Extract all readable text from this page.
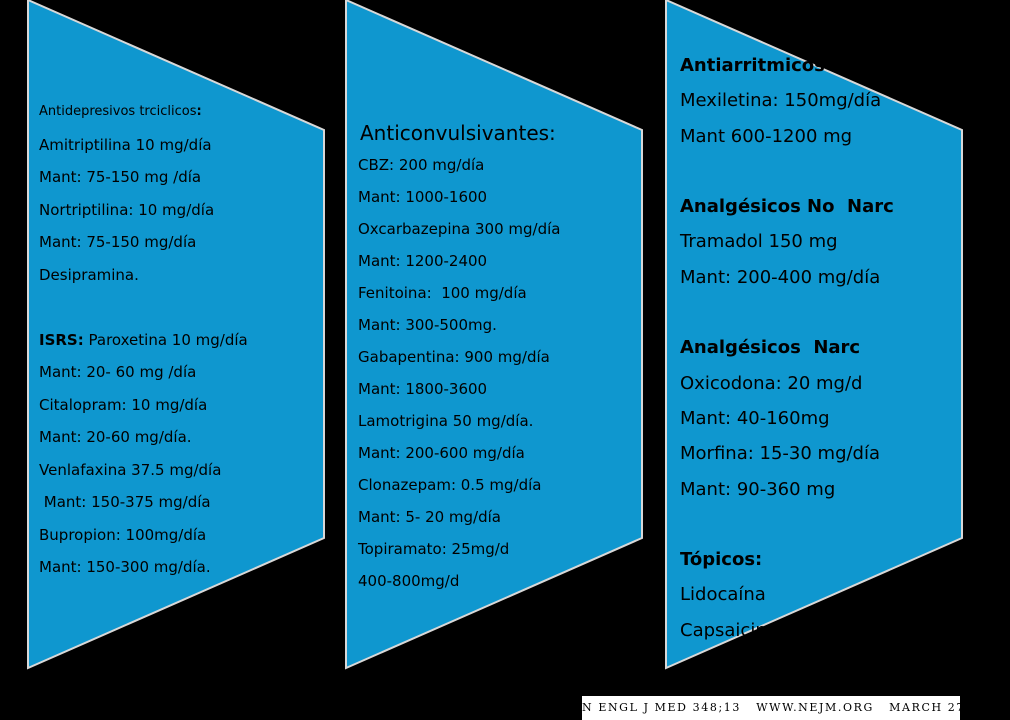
Antidepresivos trciclicos:
Amitriptilina 10 mg/día
Mant: 75-150 mg /día
Nortriptilina: 10 mg/día
Mant: 75-150 mg/día
Desipramina.
ISRS: Paroxetina 10 mg/día
Mant: 20- 60 mg /día
Citalopram: 10 mg/día
Mant: 20-60 mg/día.
Venlafaxina 37.5 mg/día
Mant: 150-375 mg/día
Bupropion: 100mg/día
Mant: 150-300 mg/día.
Anticonvulsivantes:
CBZ: 200 mg/día
Mant: 1000-1600
Oxcarbazepina 300 mg/día
Mant: 1200-2400
Fenitoina:  100 mg/día
Mant: 300-500mg.
Gabapentina: 900 mg/día
Mant: 1800-3600
Lamotrigina 50 mg/día.
Mant: 200-600 mg/día
Clonazepam: 0.5 mg/día
Mant: 5- 20 mg/día
Topiramato: 25mg/d
400-800mg/d
Antiarritmicos
Mexiletina: 150mg/día
Mant 600-1200 mg
Analgésicos No  Narc
Tramadol 150 mg
Mant: 200-400 mg/día
Analgésicos  Narc
Oxicodona: 20 mg/d
Mant: 40-160mg
Morfina: 15-30 mg/día
Mant: 90-360 mg
Tópicos:
Lidocaína
Capsaicina
N ENGL J MED 348;13   WWW.NEJM.ORG   MARCH 27, 2003
